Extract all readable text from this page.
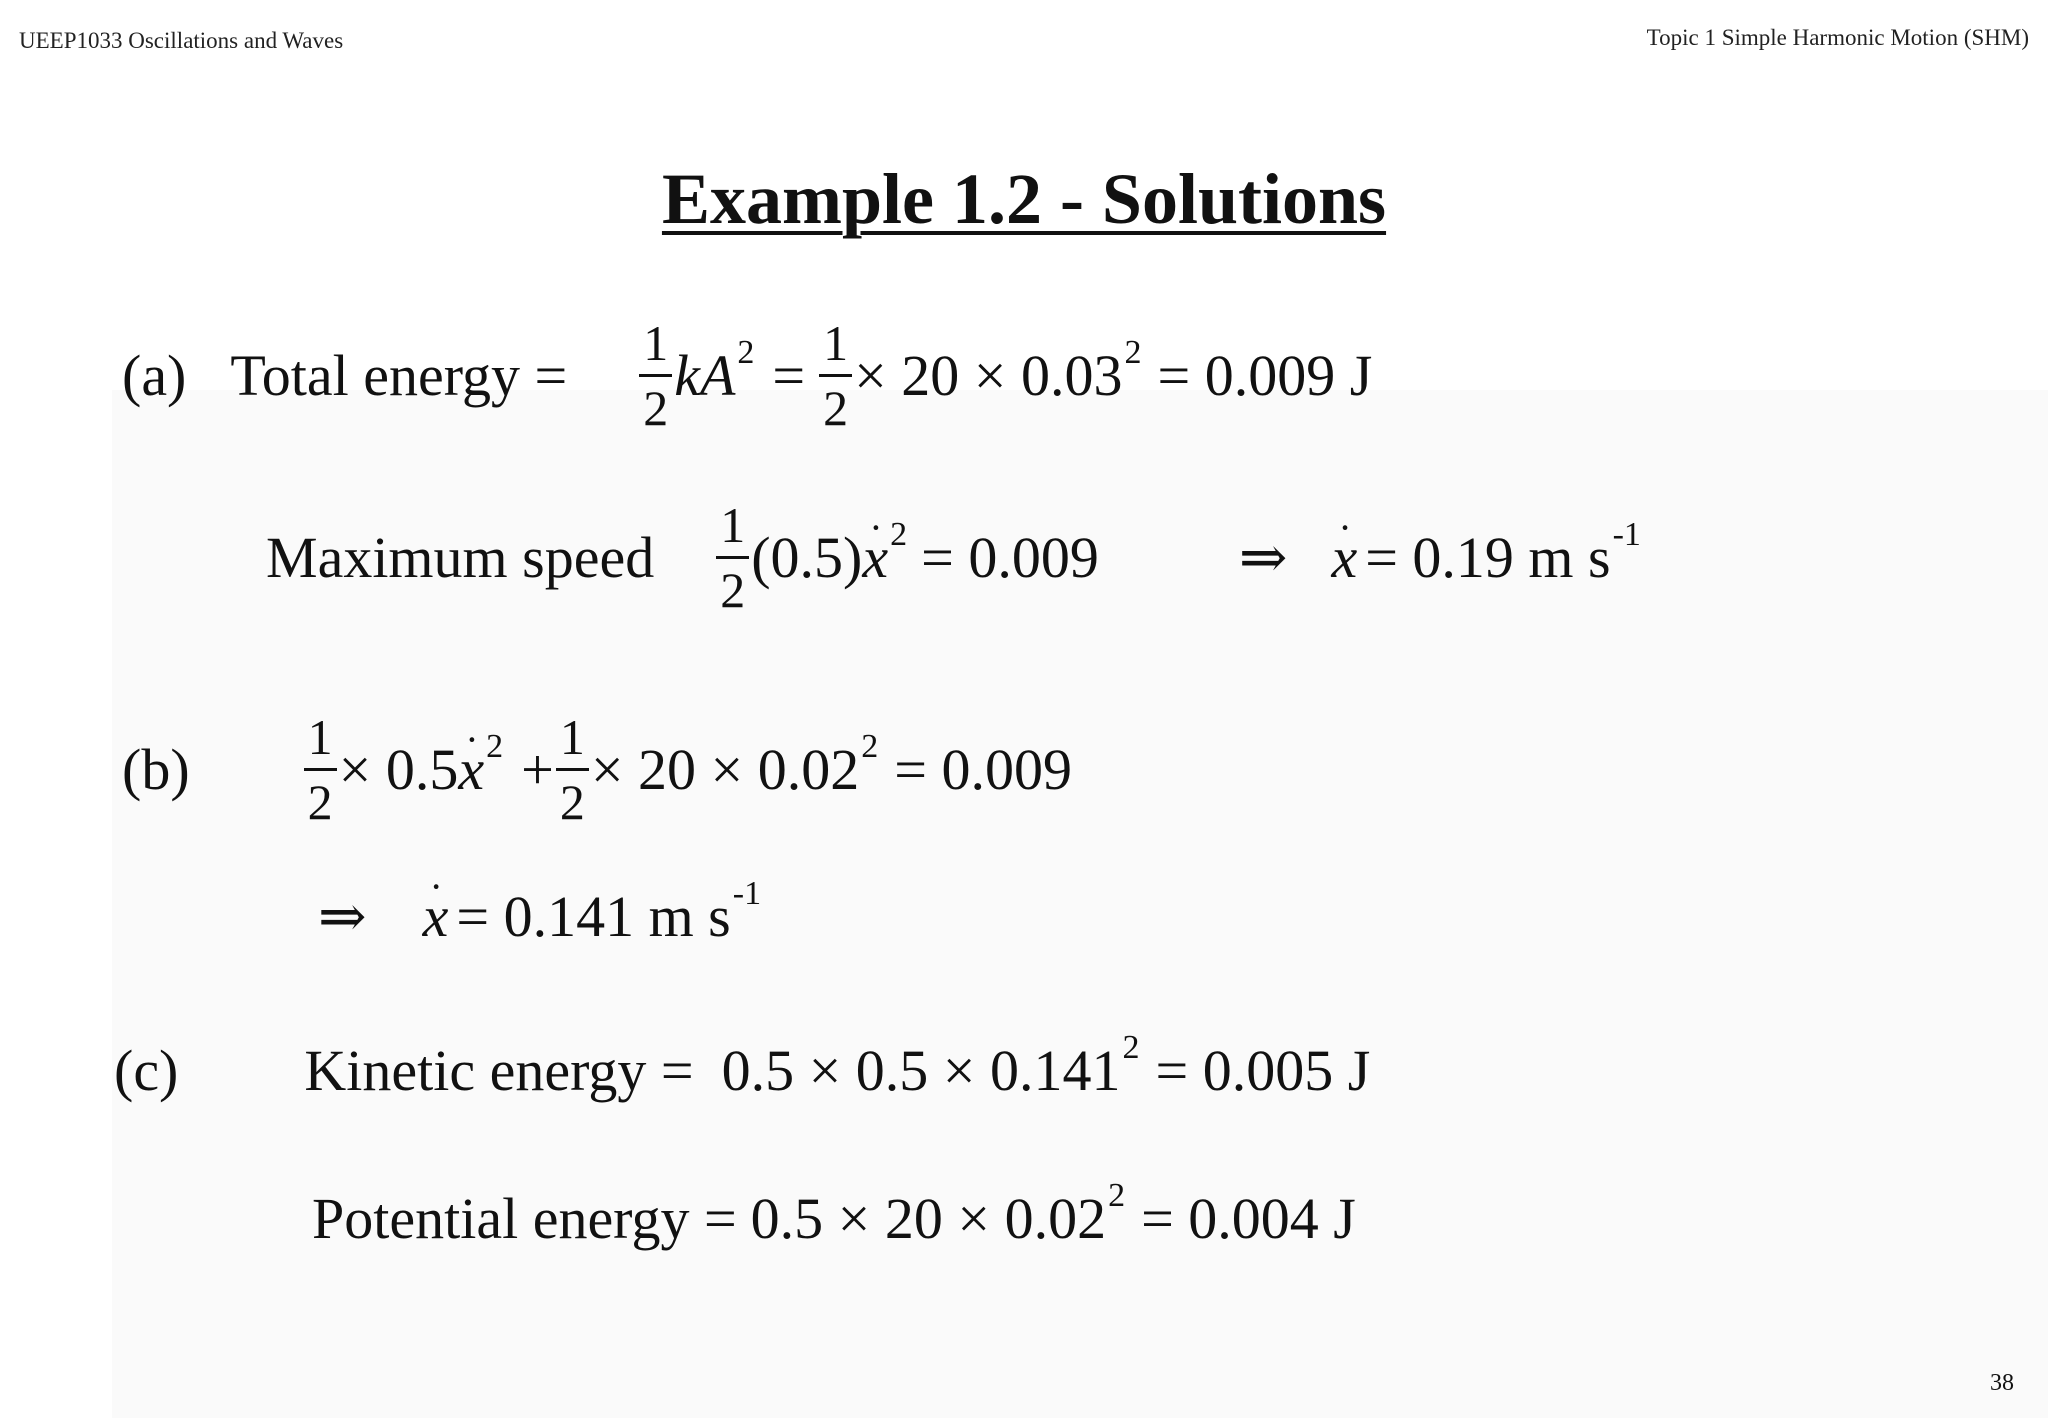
UEEP1033 Oscillations and Waves	Topic 1 Simple Harmonic Motion (SHM)
Example 1.2 - Solutions
(a) Total energy = $\frac{1}{2}$ kA $2 = \frac{1}{2} \times 20 \times 0.03$ 2 = 0.009 J
Maximum speed $\frac{1}{2} (0.5) x \cdot 2 = 0.009$ ⇒ x · = 0.19 m s -1
$(b) \frac{1}{2} \times 0.5$ $x \cdot 2 + \frac{1}{2} \times 20 \times 0.02$ 2 = 0.009
⇒ x · = 0.141 m s -1
(c) Kinetic energy = 0.5 × 0.5 × 0.141 2 = 0.005 J
Potential energy = 0.5 × 20 × 0.02 2 = 0.004 J
38
